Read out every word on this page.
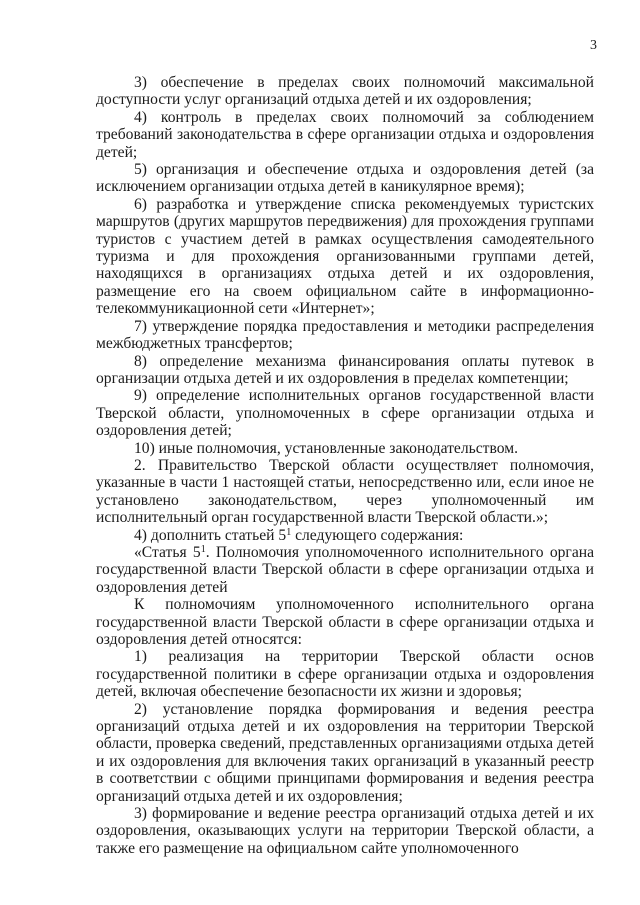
3

3) обеспечение в пределах своих полномочий максимальной доступности услуг организаций отдыха детей и их оздоровления;

4) контроль в пределах своих полномочий за соблюдением требований законодательства в сфере организации отдыха и оздоровления детей;

5) организация и обеспечение отдыха и оздоровления детей (за исключением организации отдыха детей в каникулярное время);

6) разработка и утверждение списка рекомендуемых туристских маршрутов (других маршрутов передвижения) для прохождения группами туристов с участием детей в рамках осуществления самодеятельного туризма и для прохождения организованными группами детей, находящихся в организациях отдыха детей и их оздоровления, размещение его на своем официальном сайте в информационно-телекоммуникационной сети «Интернет»;

7) утверждение порядка предоставления и методики распределения межбюджетных трансфертов;

8) определение механизма финансирования оплаты путевок в организации отдыха детей и их оздоровления в пределах компетенции;

9) определение исполнительных органов государственной власти Тверской области, уполномоченных в сфере организации отдыха и оздоровления детей;

10) иные полномочия, установленные законодательством.

2. Правительство Тверской области осуществляет полномочия, указанные в части 1 настоящей статьи, непосредственно или, если иное не установлено законодательством, через уполномоченный им исполнительный орган государственной власти Тверской области.»;

4) дополнить статьей $5^1$ следующего содержания:

«Статья $5^1$. Полномочия уполномоченного исполнительного органа государственной власти Тверской области в сфере организации отдыха и оздоровления детей

К полномочиям уполномоченного исполнительного органа государственной власти Тверской области в сфере организации отдыха и оздоровления детей относятся:

1) реализация на территории Тверской области основ государственной политики в сфере организации отдыха и оздоровления детей, включая обеспечение безопасности их жизни и здоровья;

2) установление порядка формирования и ведения реестра организаций отдыха детей и их оздоровления на территории Тверской области, проверка сведений, представленных организациями отдыха детей и их оздоровления для включения таких организаций в указанный реестр в соответствии с общими принципами формирования и ведения реестра организаций отдыха детей и их оздоровления;

3) формирование и ведение реестра организаций отдыха детей и их оздоровления, оказывающих услуги на территории Тверской области, а также его размещение на официальном сайте уполномоченного
